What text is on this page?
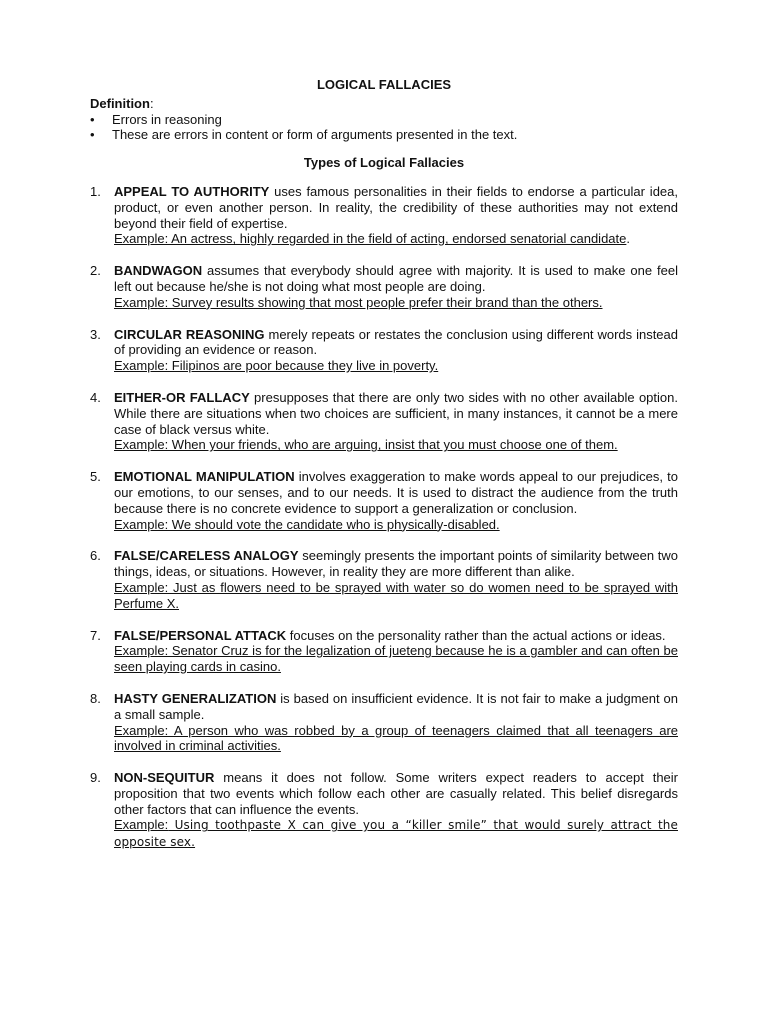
LOGICAL FALLACIES
Definition:
• Errors in reasoning
• These are errors in content or form of arguments presented in the text.
Types of Logical Fallacies
1. APPEAL TO AUTHORITY uses famous personalities in their fields to endorse a particular idea, product, or even another person. In reality, the credibility of these authorities may not extend beyond their field of expertise.
Example: An actress, highly regarded in the field of acting, endorsed senatorial candidate.
2. BANDWAGON assumes that everybody should agree with majority. It is used to make one feel left out because he/she is not doing what most people are doing.
Example: Survey results showing that most people prefer their brand than the others.
3. CIRCULAR REASONING merely repeats or restates the conclusion using different words instead of providing an evidence or reason.
Example: Filipinos are poor because they live in poverty.
4. EITHER-OR FALLACY presupposes that there are only two sides with no other available option. While there are situations when two choices are sufficient, in many instances, it cannot be a mere case of black versus white.
Example: When your friends, who are arguing, insist that you must choose one of them.
5. EMOTIONAL MANIPULATION involves exaggeration to make words appeal to our prejudices, to our emotions, to our senses, and to our needs. It is used to distract the audience from the truth because there is no concrete evidence to support a generalization or conclusion.
Example: We should vote the candidate who is physically-disabled.
6. FALSE/CARELESS ANALOGY seemingly presents the important points of similarity between two things, ideas, or situations. However, in reality they are more different than alike.
Example: Just as flowers need to be sprayed with water so do women need to be sprayed with Perfume X.
7. FALSE/PERSONAL ATTACK focuses on the personality rather than the actual actions or ideas.
Example: Senator Cruz is for the legalization of jueteng because he is a gambler and can often be seen playing cards in casino.
8. HASTY GENERALIZATION is based on insufficient evidence. It is not fair to make a judgment on a small sample.
Example: A person who was robbed by a group of teenagers claimed that all teenagers are involved in criminal activities.
9. NON-SEQUITUR means it does not follow. Some writers expect readers to accept their proposition that two events which follow each other are casually related. This belief disregards other factors that can influence the events.
Example: Using toothpaste X can give you a “killer smile” that would surely attract the opposite sex.
